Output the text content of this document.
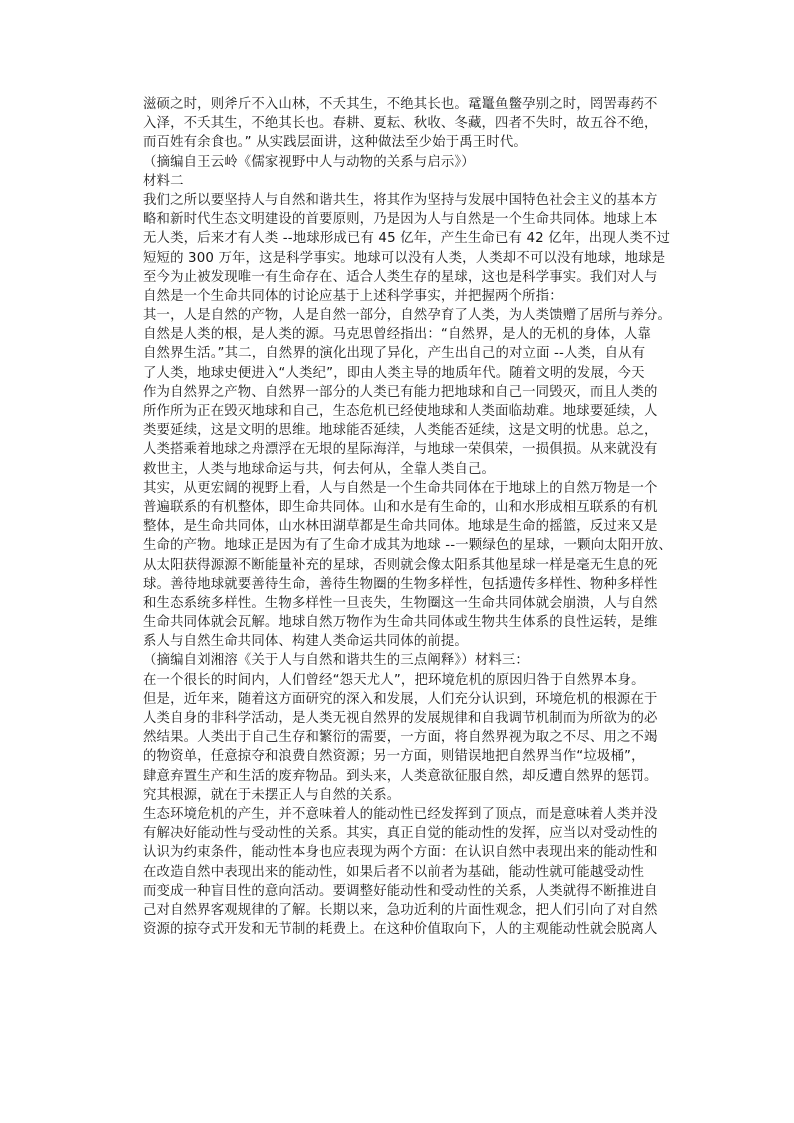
滋硕之时，则斧斤不入山林，不夭其生，不绝其长也。鼋鼍鱼鳖孕别之时，罔罟毒药不
入泽，不夭其生，不绝其长也。春耕、夏耘、秋收、冬藏，四者不失时，故五谷不绝，
而百姓有余食也。” 从实践层面讲，这种做法至少始于禹王时代。
（摘编自王云岭《儒家视野中人与动物的关系与启示》）
材料二
我们之所以要坚持人与自然和谐共生，将其作为坚持与发展中国特色社会主义的基本方
略和新时代生态文明建设的首要原则，乃是因为人与自然是一个生命共同体。地球上本
无人类，后来才有人类 --地球形成已有 45 亿年，产生生命已有 42 亿年，出现人类不过
短短的 300 万年，这是科学事实。地球可以没有人类，人类却不可以没有地球，地球是
至今为止被发现唯一有生命存在、适合人类生存的星球，这也是科学事实。我们对人与
自然是一个生命共同体的讨论应基于上述科学事实，并把握两个所指：
其一，人是自然的产物，人是自然一部分，自然孕育了人类，为人类馈赠了居所与养分。
自然是人类的根，是人类的源。马克思曾经指出：“自然界，是人的无机的身体，人靠
自然界生活。”其二，自然界的演化出现了异化，产生出自己的对立面 --人类，自从有
了人类，地球史便进入“人类纪”，即由人类主导的地质年代。随着文明的发展，今天
作为自然界之产物、自然界一部分的人类已有能力把地球和自己一同毁灭，而且人类的
所作所为正在毁灭地球和自己，生态危机已经使地球和人类面临劫难。地球要延续，人
类要延续，这是文明的思维。地球能否延续，人类能否延续，这是文明的忧患。总之，
人类搭乘着地球之舟漂浮在无垠的星际海洋，与地球一荣俱荣，一损俱损。从来就没有
救世主，人类与地球命运与共，何去何从，全靠人类自己。
其实，从更宏阔的视野上看，人与自然是一个生命共同体在于地球上的自然万物是一个
普遍联系的有机整体，即生命共同体。山和水是有生命的，山和水形成相互联系的有机
整体，是生命共同体，山水林田湖草都是生命共同体。地球是生命的摇篮，反过来又是
生命的产物。地球正是因为有了生命才成其为地球 --一颗绿色的星球，一颗向太阳开放、
从太阳获得源源不断能量补充的星球，否则就会像太阳系其他星球一样是毫无生息的死
球。善待地球就要善待生命，善待生物圈的生物多样性，包括遗传多样性、物种多样性
和生态系统多样性。生物多样性一旦丧失，生物圈这一生命共同体就会崩溃，人与自然
生命共同体就会瓦解。地球自然万物作为生命共同体或生物共生体系的良性运转，是维
系人与自然生命共同体、构建人类命运共同体的前提。
（摘编自刘湘溶《关于人与自然和谐共生的三点阐释》）材料三：
在一个很长的时间内，人们曾经“怨天尤人”，把环境危机的原因归咎于自然界本身。
但是，近年来，随着这方面研究的深入和发展，人们充分认识到，环境危机的根源在于
人类自身的非科学活动，是人类无视自然界的发展规律和自我调节机制而为所欲为的必
然结果。人类出于自己生存和繁衍的需要，一方面，将自然界视为取之不尽、用之不竭
的物资单，任意掠夺和浪费自然资源；另一方面，则错误地把自然界当作“垃圾桶”，
肆意弃置生产和生活的废弃物品。到头来，人类意欲征服自然，却反遭自然界的惩罚。
究其根源，就在于未摆正人与自然的关系。
生态环境危机的产生，并不意味着人的能动性已经发挥到了顶点，而是意味着人类并没
有解决好能动性与受动性的关系。其实，真正自觉的能动性的发挥，应当以对受动性的
认识为约束条件，能动性本身也应表现为两个方面：在认识自然中表现出来的能动性和
在改造自然中表现出来的能动性，如果后者不以前者为基础，能动性就可能越受动性
而变成一种盲目性的意向活动。要调整好能动性和受动性的关系，人类就得不断推进自
己对自然界客观规律的了解。长期以来，急功近利的片面性观念，把人们引向了对自然
资源的掠夺式开发和无节制的耗费上。在这种价值取向下，人的主观能动性就会脱离人
